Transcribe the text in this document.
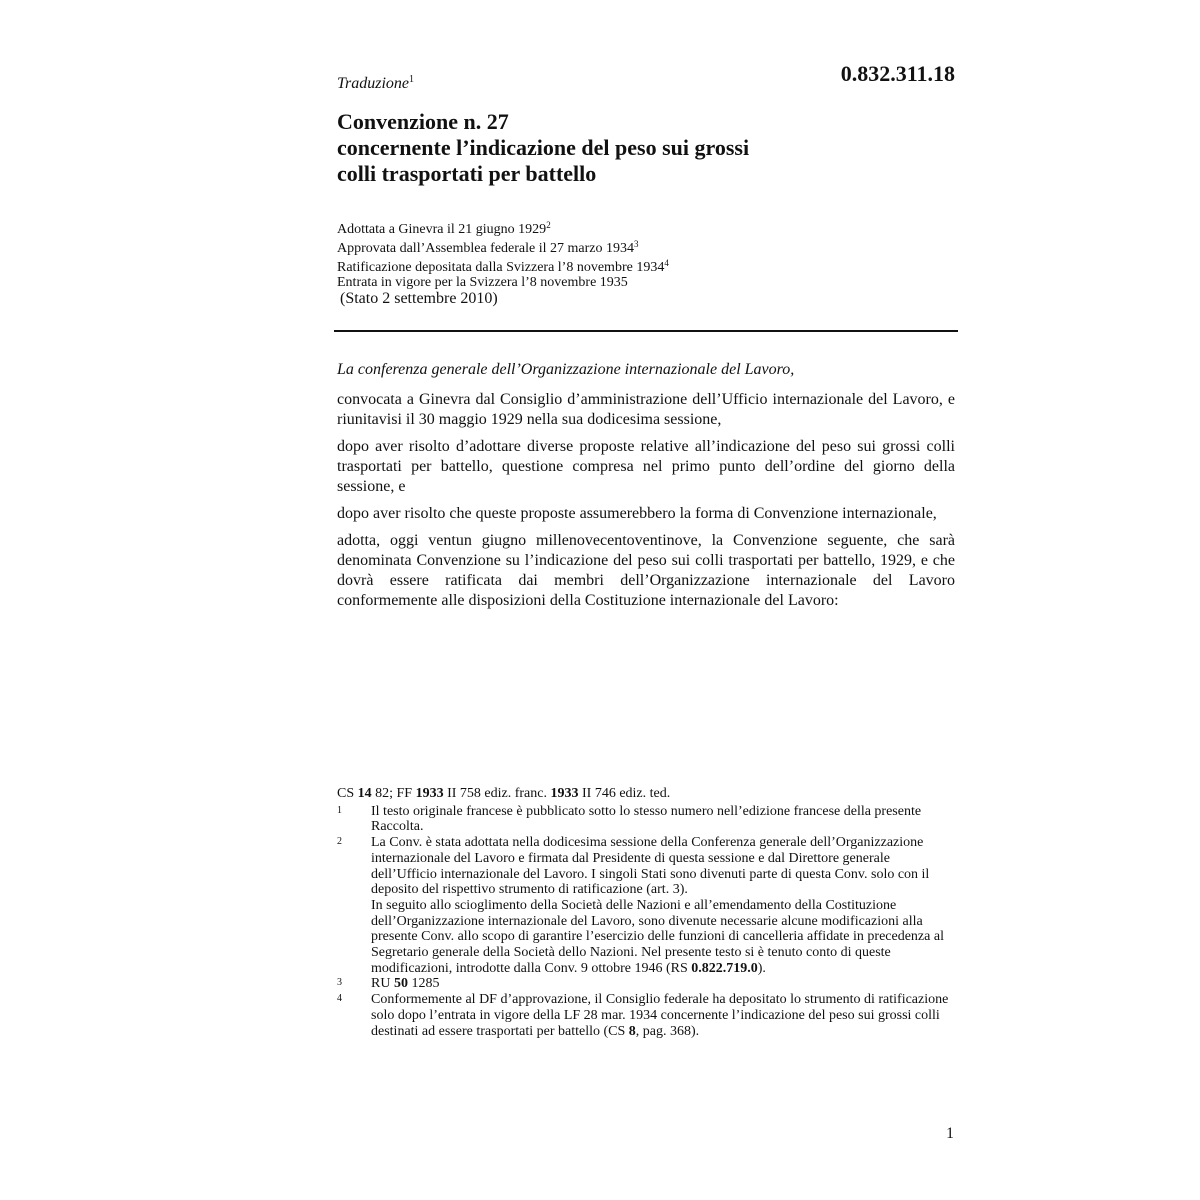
Traduzione$^1$	0.832.311.18
Convenzione n. 27
concernente l’indicazione del peso sui grossi
colli trasportati per battello
Adottata a Ginevra il 21 giugno 1929$^2$
Approvata dall’Assemblea federale il 27 marzo 1934$^3$
Ratificazione depositata dalla Svizzera l’8 novembre 1934$^4$
Entrata in vigore per la Svizzera l’8 novembre 1935
(Stato 2 settembre 2010)

La conferenza generale dell’Organizzazione internazionale del Lavoro,

convocata a Ginevra dal Consiglio d’amministrazione dell’Ufficio internazionale del Lavoro, e riunitavisi il 30 maggio 1929 nella sua dodicesima sessione,

dopo aver risolto d’adottare diverse proposte relative all’indicazione del peso sui grossi colli trasportati per battello, questione compresa nel primo punto dell’ordine del giorno della sessione, e

dopo aver risolto che queste proposte assumerebbero la forma di Convenzione internazionale,

adotta, oggi ventun giugno millenovecentoventinove, la Convenzione seguente, che sarà denominata Convenzione su l’indicazione del peso sui colli trasportati per battello, 1929, e che dovrà essere ratificata dai membri dell’Organizzazione internazionale del Lavoro conformemente alle disposizioni della Costituzione internazionale del Lavoro:

CS 14 82; FF 1933 II 758 ediz. franc. 1933 II 746 ediz. ted.
1 Il testo originale francese è pubblicato sotto lo stesso numero nell’edizione francese della presente Raccolta.

2 La Conv. è stata adottata nella dodicesima sessione della Conferenza generale dell’Organizzazione internazionale del Lavoro e firmata dal Presidente di questa sessione e dal Direttore generale dell’Ufficio internazionale del Lavoro. I singoli Stati sono divenuti parte di questa Conv. solo con il deposito del rispettivo strumento di ratificazione (art. 3).

In seguito allo scioglimento della Società delle Nazioni e all’emendamento della Costituzione dell’Organizzazione internazionale del Lavoro, sono divenute necessarie alcune modificazioni alla presente Conv. allo scopo di garantire l’esercizio delle funzioni di cancelleria affidate in precedenza al Segretario generale della Società dello Nazioni. Nel presente testo si è tenuto conto di queste modificazioni, introdotte dalla Conv. 9 ottobre 1946 (RS 0.822.719.0).

3 RU 50 1285

4 Conformemente al DF d’approvazione, il Consiglio federale ha depositato lo strumento di ratificazione solo dopo l’entrata in vigore della LF 28 mar. 1934 concernente l’indicazione del peso sui grossi colli destinati ad essere trasportati per battello (CS 8, pag. 368).

1
